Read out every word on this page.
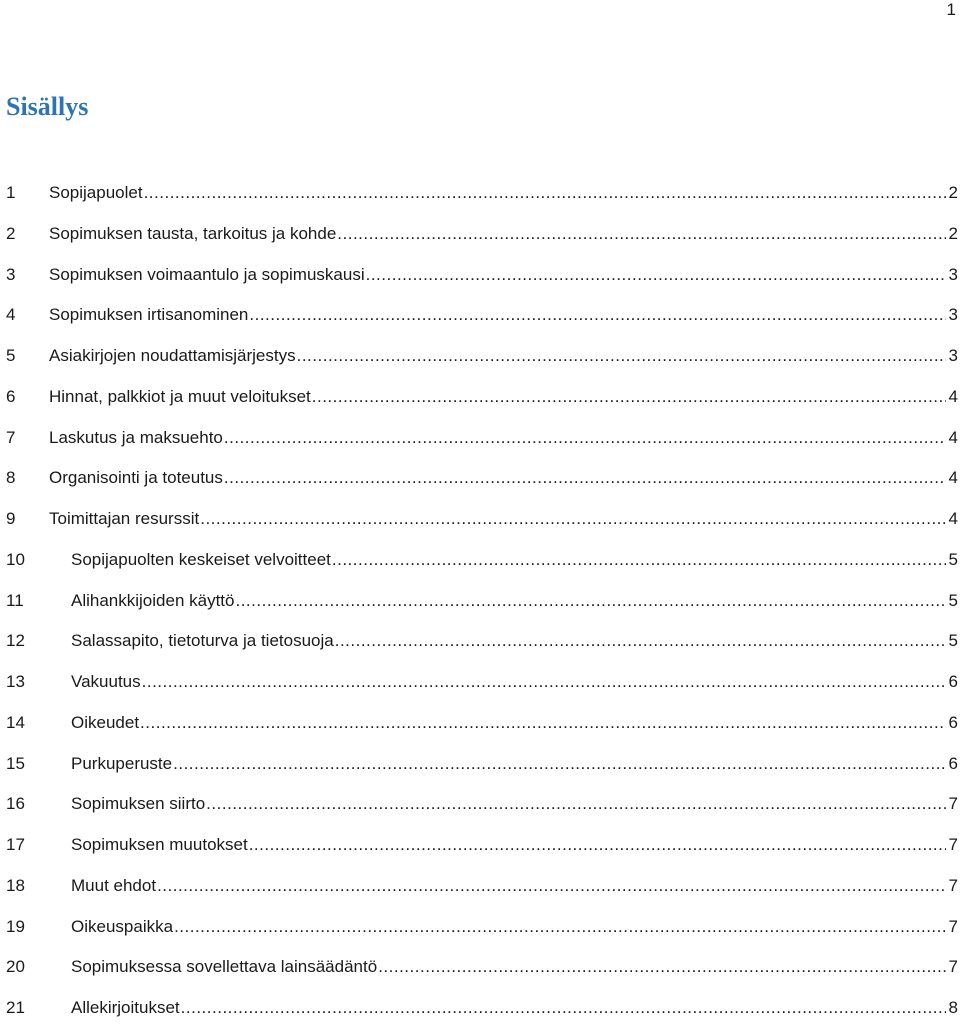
1
Sisällys
1	Sopijapuolet .....	2
2	Sopimuksen tausta, tarkoitus ja kohde .....	2
3	Sopimuksen voimaantulo ja sopimuskausi .....	3
4	Sopimuksen irtisanominen .....	3
5	Asiakirjojen noudattamisjärjestys .....	3
6	Hinnat, palkkiot ja muut veloitukset .....	4
7	Laskutus ja maksuehto .....	4
8	Organisointi ja toteutus .....	4
9	Toimittajan resurssit .....	4
10	Sopijapuolten keskeiset velvoitteet .....	5
11	Alihankkijoiden käyttö .....	5
12	Salassapito, tietoturva ja tietosuoja .....	5
13	Vakuutus .....	6
14	Oikeudet .....	6
15	Purkuperuste .....	6
16	Sopimuksen siirto .....	7
17	Sopimuksen muutokset .....	7
18	Muut ehdot .....	7
19	Oikeuspaikka .....	7
20	Sopimuksessa sovellettava lainsäädäntö .....	7
21	Allekirjoitukset .....	8
